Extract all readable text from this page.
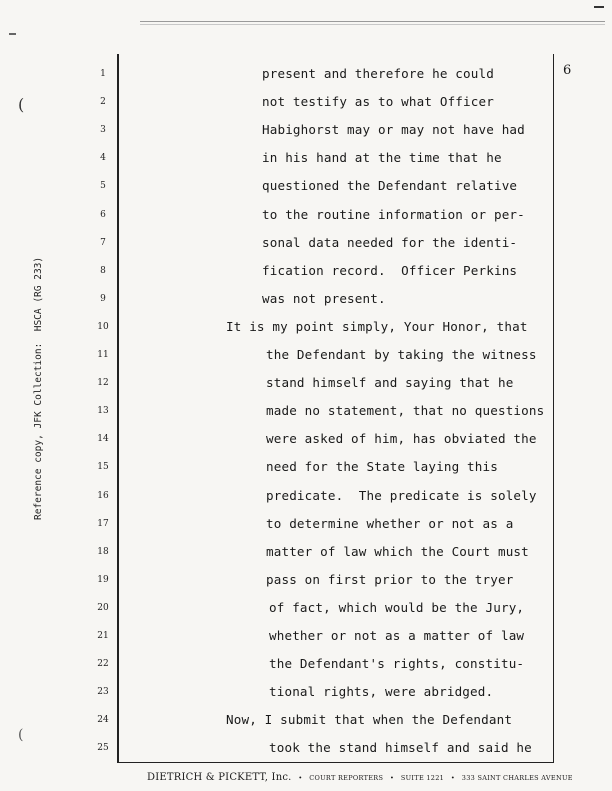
(
(
6
Reference copy, JFK Collection:  HSCA (RG 233)
1	present and therefore he could
2	not testify as to what Officer
3	Habighorst may or may not have had
4	in his hand at the time that he
5	questioned the Defendant relative
6	to the routine information or per-
7	sonal data needed for the identi-
8	fication record.  Officer Perkins
9	was not present.
10	It is my point simply, Your Honor, that
11	the Defendant by taking the witness
12	stand himself and saying that he
13	made no statement, that no questions
14	were asked of him, has obviated the
15	need for the State laying this
16	predicate.  The predicate is solely
17	to determine whether or not as a
18	matter of law which the Court must
19	pass on first prior to the tryer
20	of fact, which would be the Jury,
21	whether or not as a matter of law
22	the Defendant's rights, constitu-
23	tional rights, were abridged.
24	Now, I submit that when the Defendant
25	took the stand himself and said he
DIETRICH & PICKETT, Inc. • COURT REPORTERS • SUITE 1221 • 333 SAINT CHARLES AVENUE
